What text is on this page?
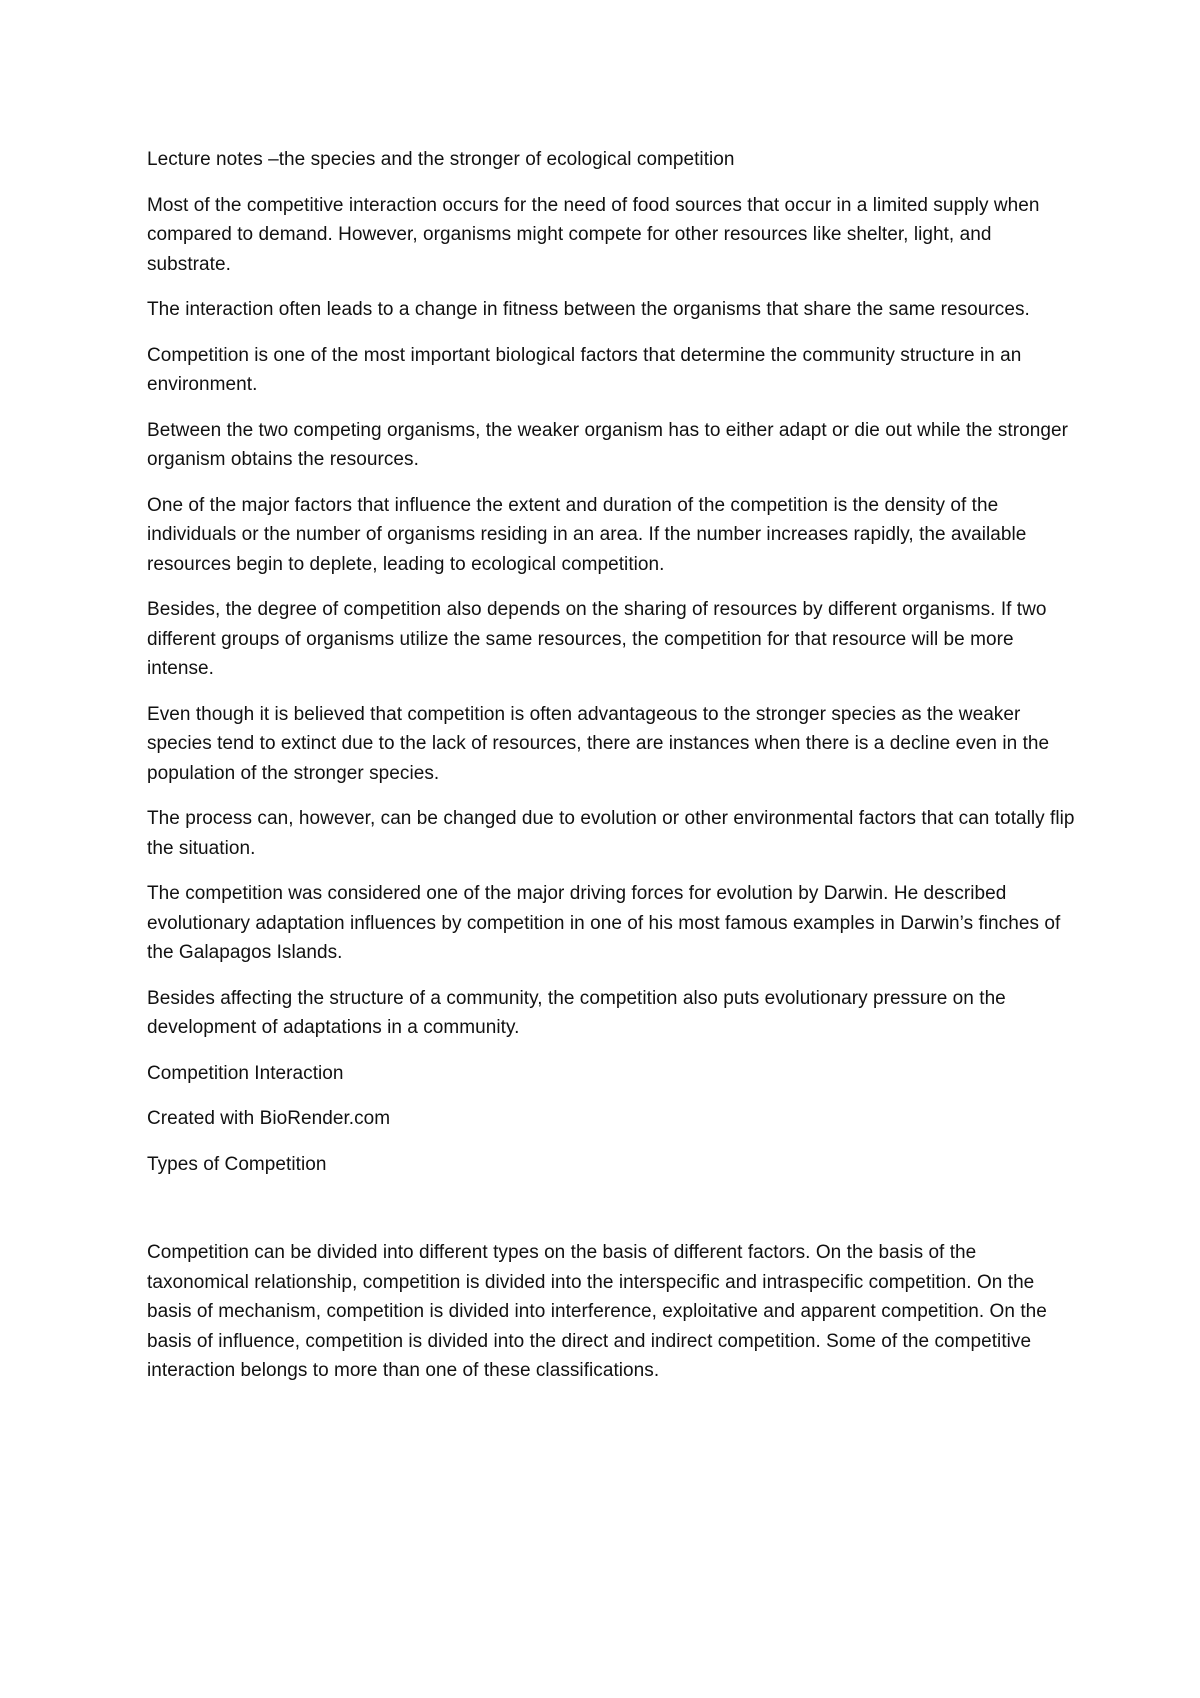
Lecture notes –the species and the stronger of ecological competition

Most of the competitive interaction occurs for the need of food sources that occur in a limited supply when compared to demand. However, organisms might compete for other resources like shelter, light, and substrate.

The interaction often leads to a change in fitness between the organisms that share the same resources.

Competition is one of the most important biological factors that determine the community structure in an environment.

Between the two competing organisms, the weaker organism has to either adapt or die out while the stronger organism obtains the resources.

One of the major factors that influence the extent and duration of the competition is the density of the individuals or the number of organisms residing in an area. If the number increases rapidly, the available resources begin to deplete, leading to ecological competition.

Besides, the degree of competition also depends on the sharing of resources by different organisms. If two different groups of organisms utilize the same resources, the competition for that resource will be more intense.

Even though it is believed that competition is often advantageous to the stronger species as the weaker species tend to extinct due to the lack of resources, there are instances when there is a decline even in the population of the stronger species.

The process can, however, can be changed due to evolution or other environmental factors that can totally flip the situation.

The competition was considered one of the major driving forces for evolution by Darwin. He described evolutionary adaptation influences by competition in one of his most famous examples in Darwin’s finches of the Galapagos Islands.

Besides affecting the structure of a community, the competition also puts evolutionary pressure on the development of adaptations in a community.

Competition Interaction

Created with BioRender.com

Types of Competition

Competition can be divided into different types on the basis of different factors. On the basis of the taxonomical relationship, competition is divided into the interspecific and intraspecific competition. On the basis of mechanism, competition is divided into interference, exploitative and apparent competition. On the basis of influence, competition is divided into the direct and indirect competition. Some of the competitive interaction belongs to more than one of these classifications.
